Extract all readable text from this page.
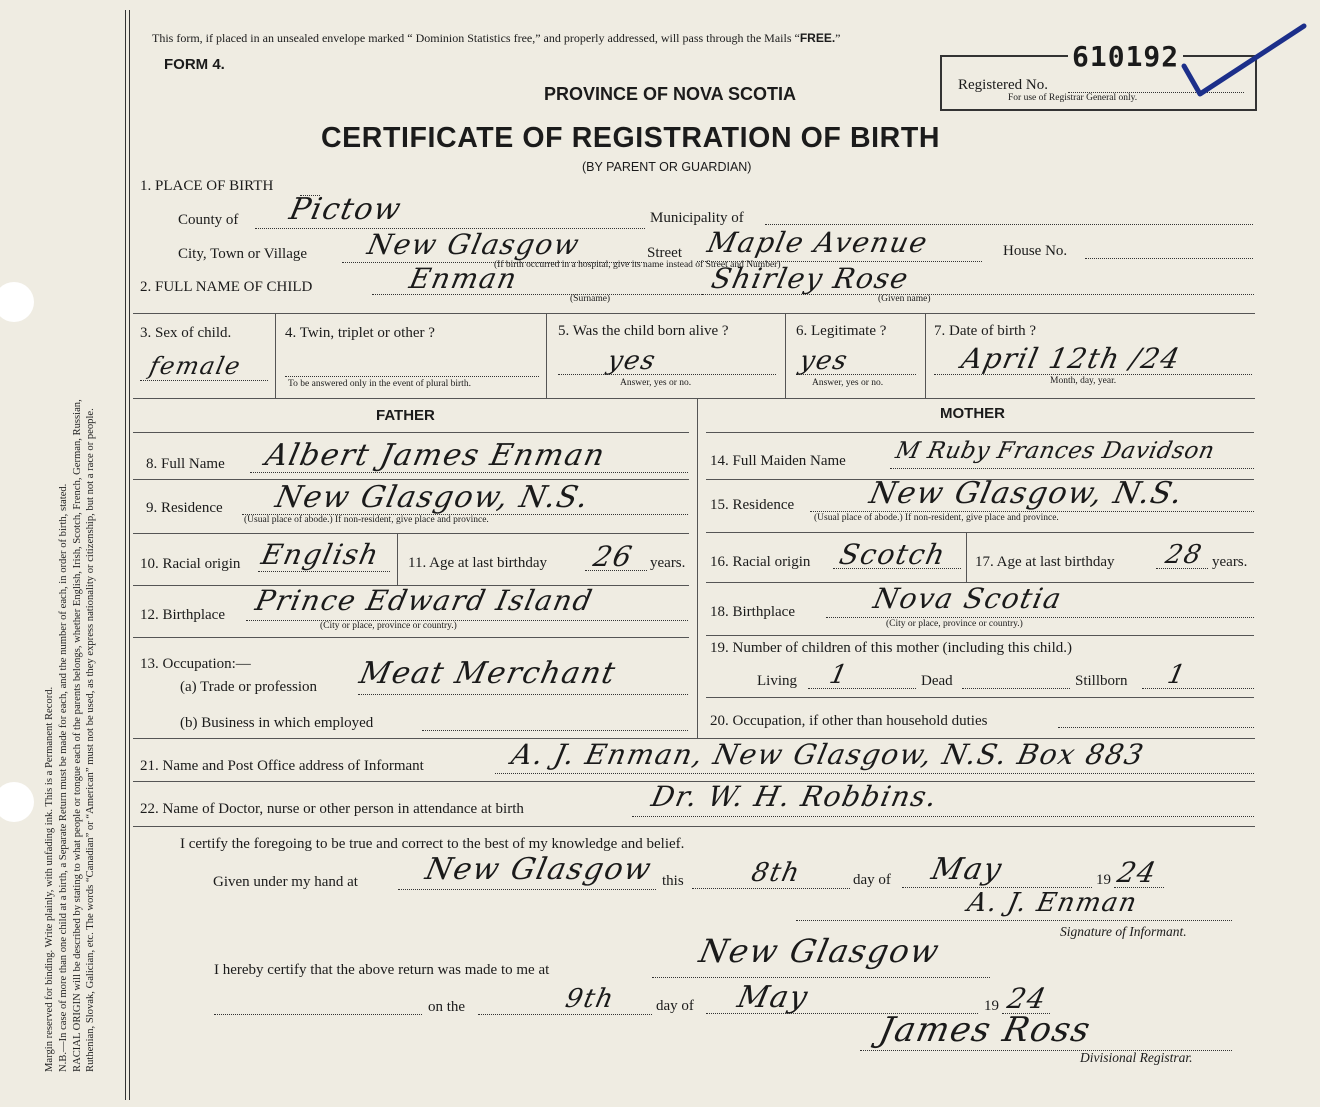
Margin reserved for binding. Write plainly, with unfading ink. This is a Permanent Record. N.B.—In case of more than one child at a birth, a Separate Return must be made for each, and the number of each, in order of birth, stated. RACIAL ORIGIN will be described by stating to what people or tongue each of the parents belongs, whether English, Irish, Scotch, French, German, Russian, Ruthenian, Slovak, Galician, etc. The words “Canadian” or “American” must not be used, as they express nationality or citizenship, but not a race or people.
This form, if placed in an unsealed envelope marked “ Dominion Statistics free,” and properly addressed, will pass through the Mails “FREE.”
FORM 4.
PROVINCE OF NOVA SCOTIA
CERTIFICATE OF REGISTRATION OF BIRTH
(BY PARENT OR GUARDIAN)
610192
Registered No.
For use of Registrar General only.
1. PLACE OF BIRTH
County of Pictow	Municipality of
City, Town or Village New Glasgow	Street Maple Avenue	House No.
(If birth occurred in a hospital, give its name instead of Street and Number)
2. FULL NAME OF CHILD	Enman
(Surname)
Shirley Rose
(Given name)
3. Sex of child.
female
4. Twin, triplet or other ?
To be answered only in the event of plural birth.
5. Was the child born alive ?
yes
Answer, yes or no.
6. Legitimate ?
yes
Answer, yes or no.
7. Date of birth ?
April 12th /24
Month, day, year.
FATHER	MOTHER
8. Full Name Albert James Enman
9. Residence New Glasgow, N.S.
(Usual place of abode.) If non-resident, give place and province.
10. Racial origin English 11. Age at last birthday 26 years.
12. Birthplace Prince Edward Island
(City or place, province or country.)
13. Occupation:—
(a) Trade or profession Meat Merchant
(b) Business in which employed
14. Full Maiden Name M Ruby Frances Davidson
15. Residence New Glasgow, N.S.
(Usual place of abode.) If non-resident, give place and province.
16. Racial origin Scotch 17. Age at last birthday 28 years.
18. Birthplace	Nova Scotia
(City or place, province or country.)
19. Number of children of this mother (including this child.)
Living 1	Dead	Stillborn 1
20. Occupation, if other than household duties
21. Name and Post Office address of Informant	A. J. Enman, New Glasgow, N.S. Box 883
22. Name of Doctor, nurse or other person in attendance at birth	Dr. W. H. Robbins.
I certify the foregoing to be true and correct to the best of my knowledge and belief.
Given under my hand at New Glasgow this	8th	day of May	19 24
A. J. Enman
Signature of Informant.
I hereby certify that the above return was made to me at	New Glasgow
on the	9th	day of May	19 24
James Ross
Divisional Registrar.
